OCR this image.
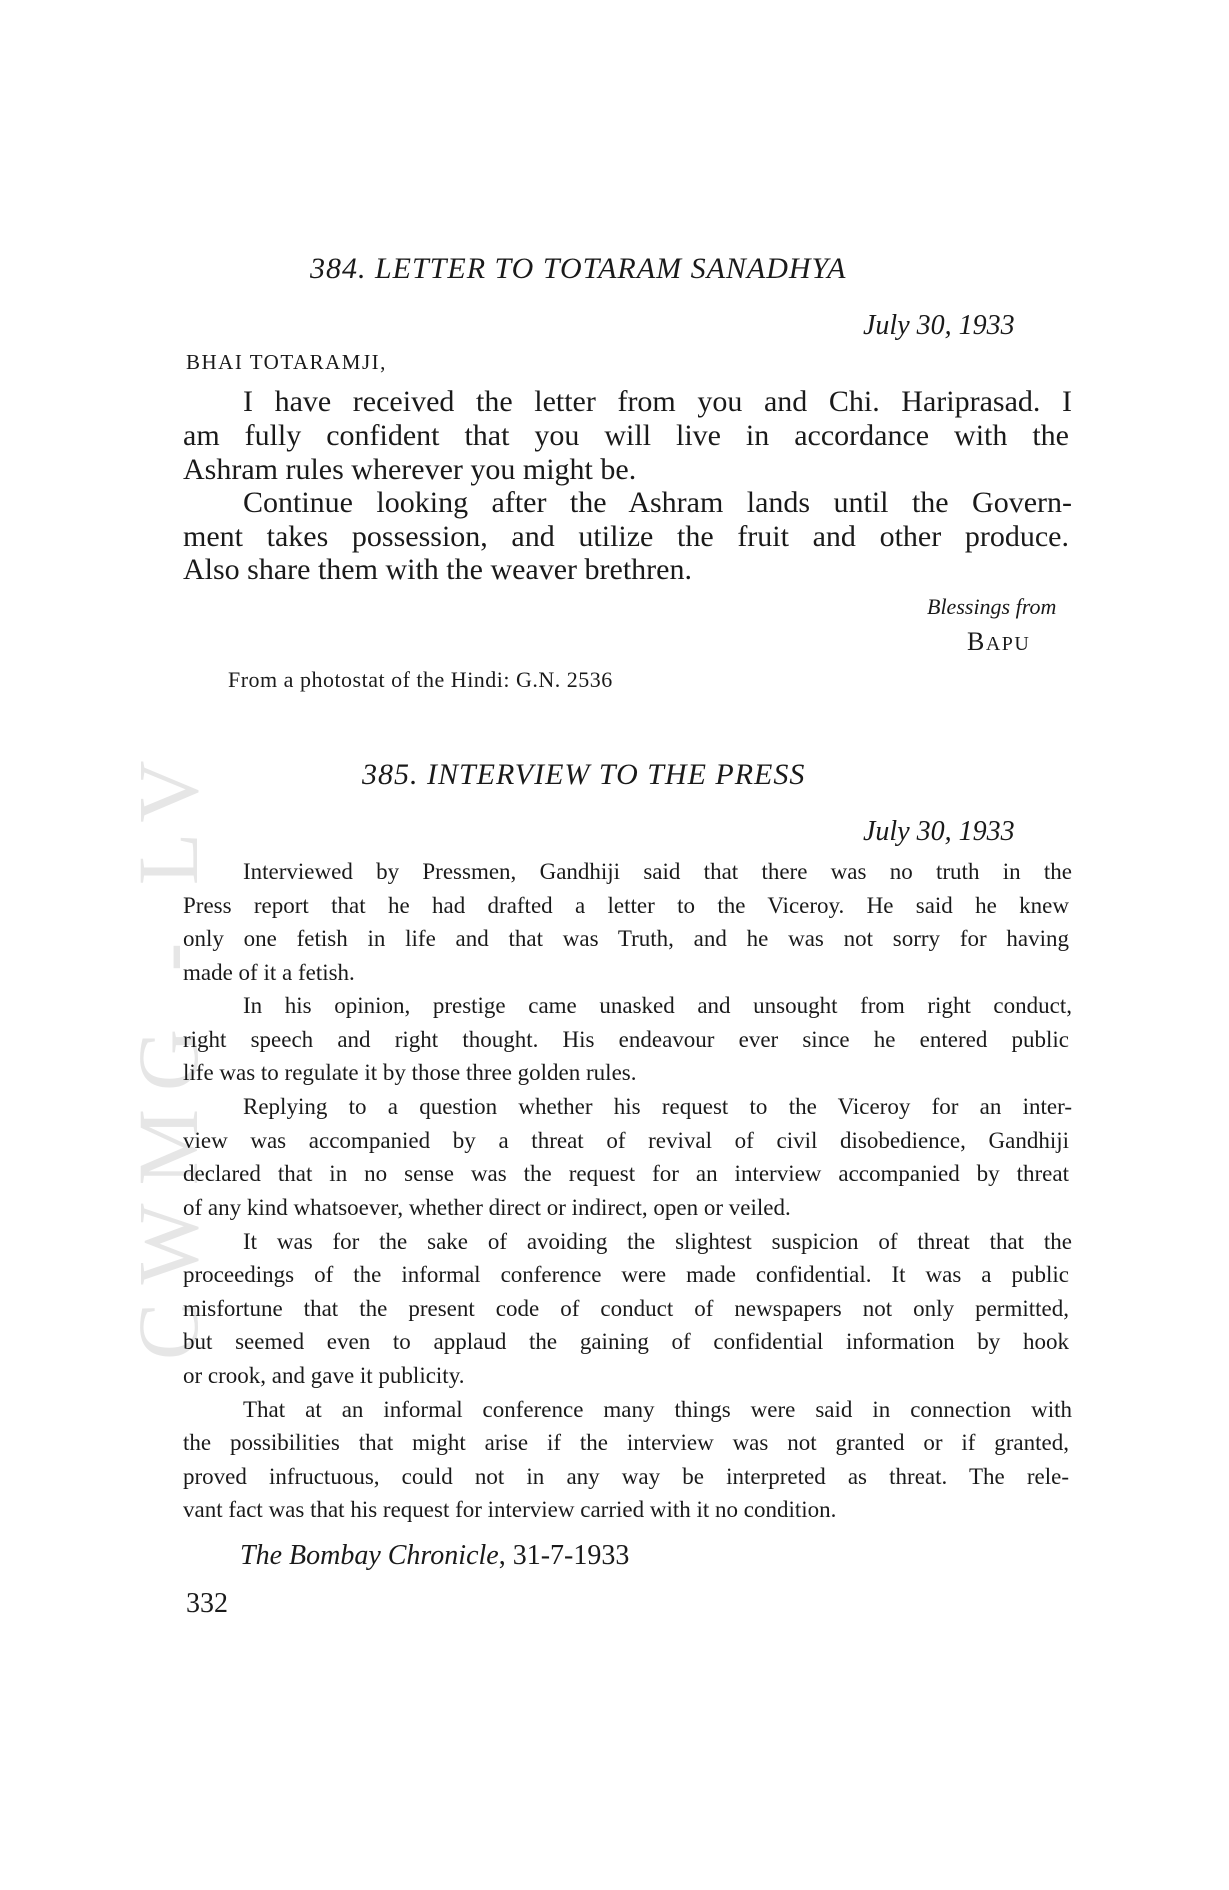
CWMG - LV
384. LETTER TO TOTARAM SANADHYA
July 30, 1933
BHAI TOTARAMJI,
I have received the letter from you and Chi. Hariprasad. I
am fully confident that you will live in accordance with the
Ashram rules wherever you might be.
Continue looking after the Ashram lands until the Govern-
ment takes possession, and utilize the fruit and other produce.
Also share them with the weaver brethren.
Blessings from
BAPU
From a photostat of the Hindi: G.N. 2536
385. INTERVIEW TO THE PRESS
July 30, 1933
Interviewed by Pressmen, Gandhiji said that there was no truth in the
Press report that he had drafted a letter to the Viceroy. He said he knew
only one fetish in life and that was Truth, and he was not sorry for having
made of it a fetish.
In his opinion, prestige came unasked and unsought from right conduct,
right speech and right thought. His endeavour ever since he entered public
life was to regulate it by those three golden rules.
Replying to a question whether his request to the Viceroy for an inter-
view was accompanied by a threat of revival of civil disobedience, Gandhiji
declared that in no sense was the request for an interview accompanied by threat
of any kind whatsoever, whether direct or indirect, open or veiled.
It was for the sake of avoiding the slightest suspicion of threat that the
proceedings of the informal conference were made confidential. It was a public
misfortune that the present code of conduct of newspapers not only permitted,
but seemed even to applaud the gaining of confidential information by hook
or crook, and gave it publicity.
That at an informal conference many things were said in connection with
the possibilities that might arise if the interview was not granted or if granted,
proved infructuous, could not in any way be interpreted as threat. The rele-
vant fact was that his request for interview carried with it no condition.
The Bombay Chronicle, 31-7-1933
332
